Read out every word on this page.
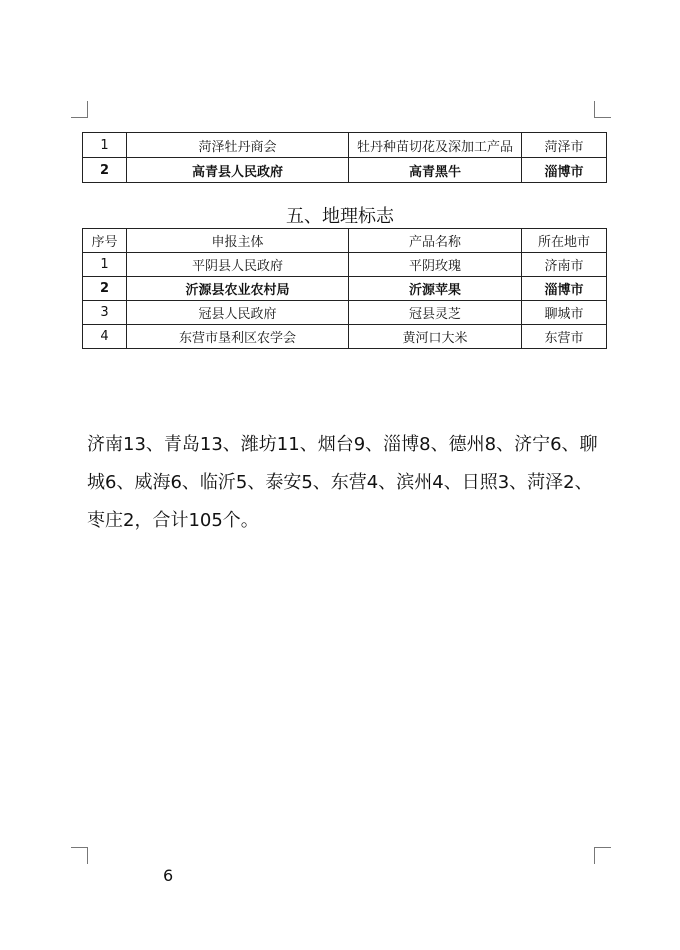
1	菏泽牡丹商会	牡丹种苗切花及深加工产品	菏泽市
2	高青县人民政府	高青黑牛	淄博市
五、地理标志
序号	申报主体	产品名称	所在地市
1	平阴县人民政府	平阴玫瑰	济南市
2	沂源县农业农村局	沂源苹果	淄博市
3	冠县人民政府	冠县灵芝	聊城市
4	东营市垦利区农学会	黄河口大米	东营市
济南13、青岛13、潍坊11、烟台9、淄博8、德州8、济宁6、聊城6、威海6、临沂5、泰安5、东营4、滨州4、日照3、菏泽2、枣庄2，合计105个。
6
